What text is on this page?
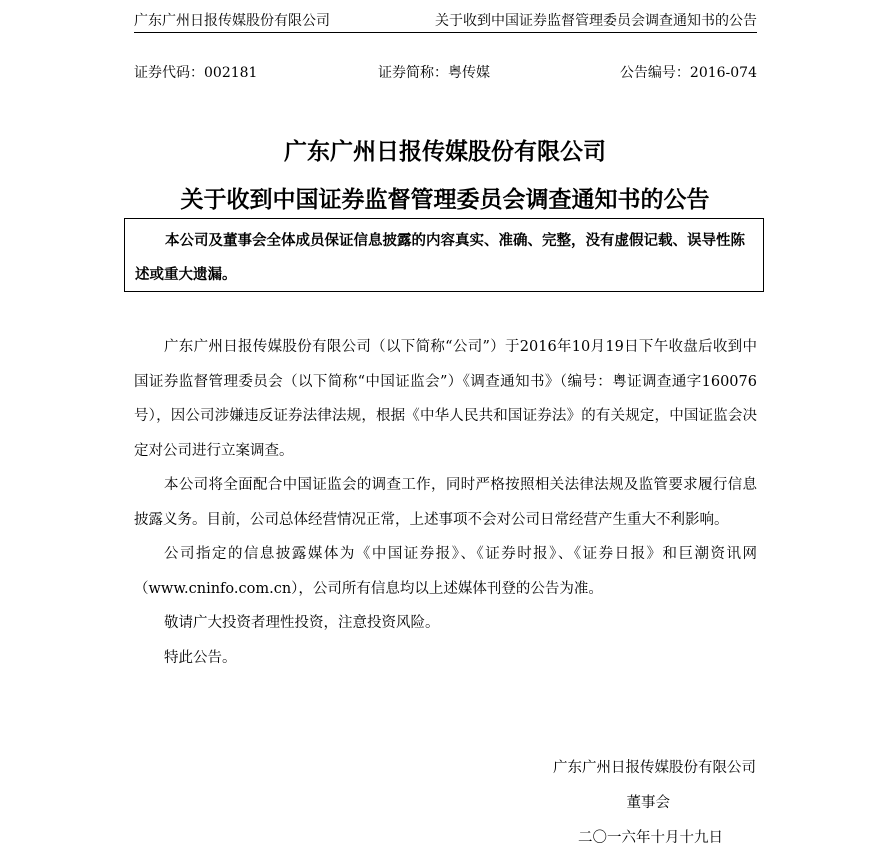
广东广州日报传媒股份有限公司	关于收到中国证券监督管理委员会调查通知书的公告
证券代码：002181	证券简称：粤传媒	公告编号：2016-074
广东广州日报传媒股份有限公司
关于收到中国证券监督管理委员会调查通知书的公告
本公司及董事会全体成员保证信息披露的内容真实、准确、完整，没有虚假记载、误导性陈述或重大遗漏。

广东广州日报传媒股份有限公司（以下简称“公司”）于2016年10月19日下午收盘后收到中国证券监督管理委员会（以下简称“中国证监会”）《调查通知书》（编号：粤证调查通字160076号），因公司涉嫌违反证券法律法规，根据《中华人民共和国证券法》的有关规定，中国证监会决定对公司进行立案调查。

本公司将全面配合中国证监会的调查工作，同时严格按照相关法律法规及监管要求履行信息披露义务。目前，公司总体经营情况正常，上述事项不会对公司日常经营产生重大不利影响。

公司指定的信息披露媒体为《中国证券报》、《证券时报》、《证券日报》和巨潮资讯网（www.cninfo.com.cn），公司所有信息均以上述媒体刊登的公告为准。

敬请广大投资者理性投资，注意投资风险。

特此公告。

广东广州日报传媒股份有限公司
董事会
二〇一六年十月十九日
